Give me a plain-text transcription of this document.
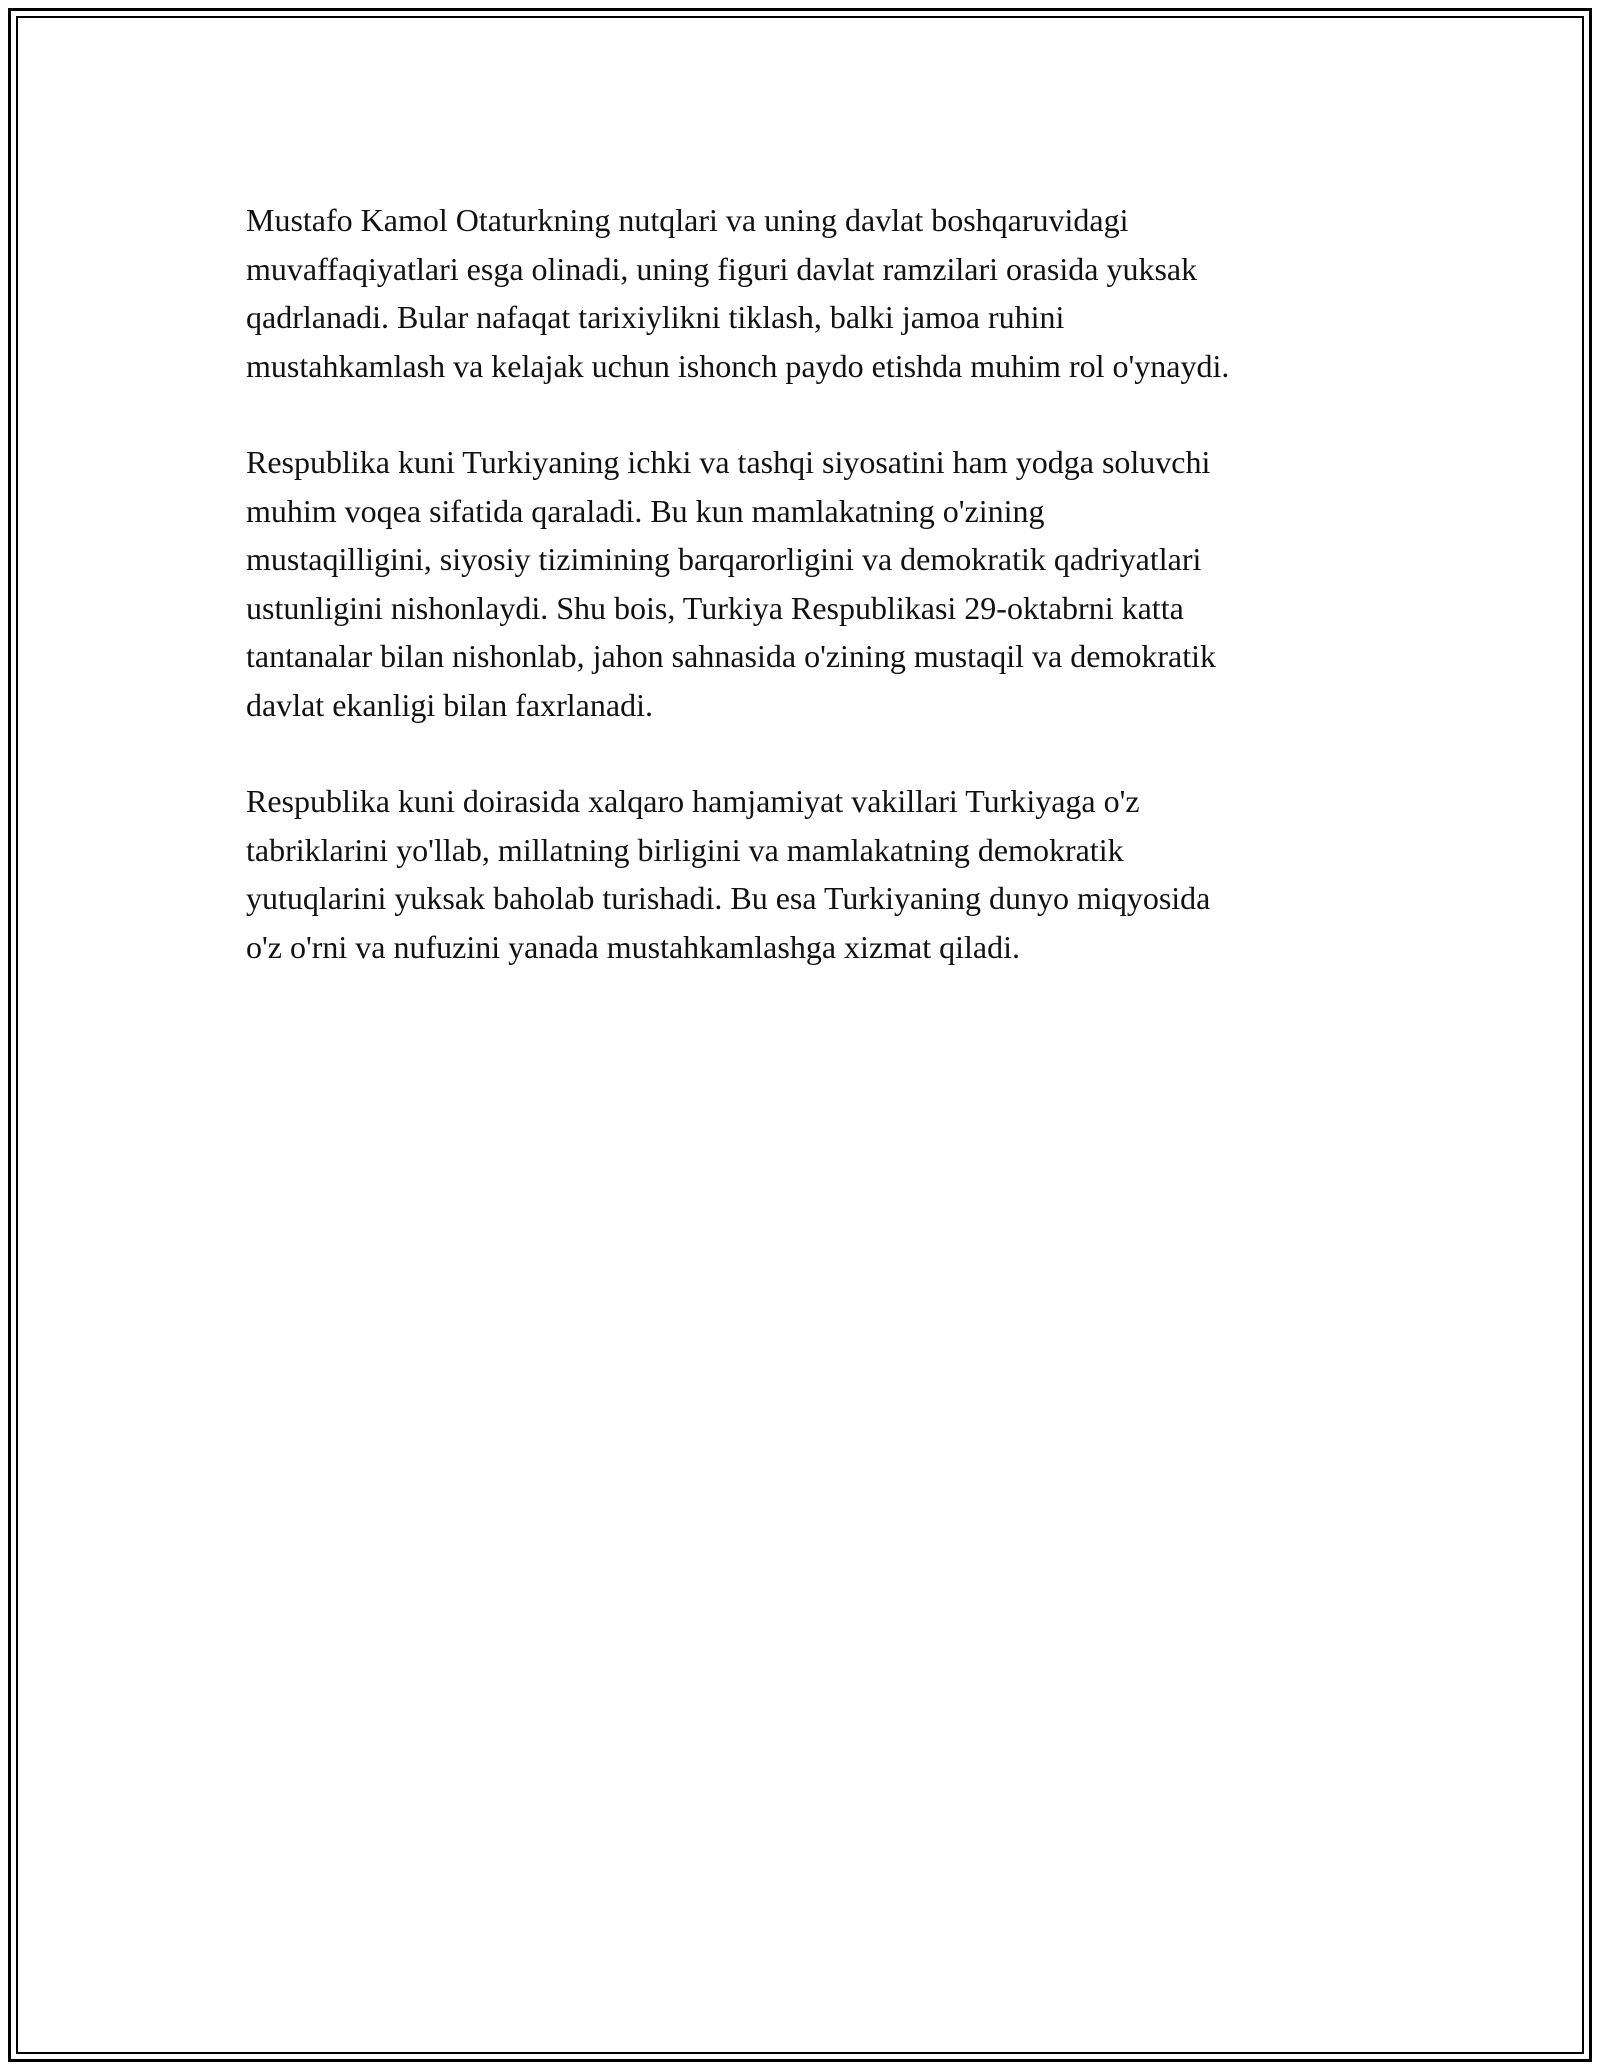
Mustafo Kamol Otaturkning nutqlari va uning davlat boshqaruvidagi
muvaffaqiyatlari esga olinadi, uning figuri davlat ramzilari orasida yuksak
qadrlanadi. Bular nafaqat tarixiylikni tiklash, balki jamoa ruhini
mustahkamlash va kelajak uchun ishonch paydo etishda muhim rol o'ynaydi.

Respublika kuni Turkiyaning ichki va tashqi siyosatini ham yodga soluvchi
muhim voqea sifatida qaraladi. Bu kun mamlakatning o'zining
mustaqilligini, siyosiy tizimining barqarorligini va demokratik qadriyatlari
ustunligini nishonlaydi. Shu bois, Turkiya Respublikasi 29-oktabrni katta
tantanalar bilan nishonlab, jahon sahnasida o'zining mustaqil va demokratik
davlat ekanligi bilan faxrlanadi.

Respublika kuni doirasida xalqaro hamjamiyat vakillari Turkiyaga o'z
tabriklarini yo'llab, millatning birligini va mamlakatning demokratik
yutuqlarini yuksak baholab turishadi. Bu esa Turkiyaning dunyo miqyosida
o'z o'rni va nufuzini yanada mustahkamlashga xizmat qiladi.
